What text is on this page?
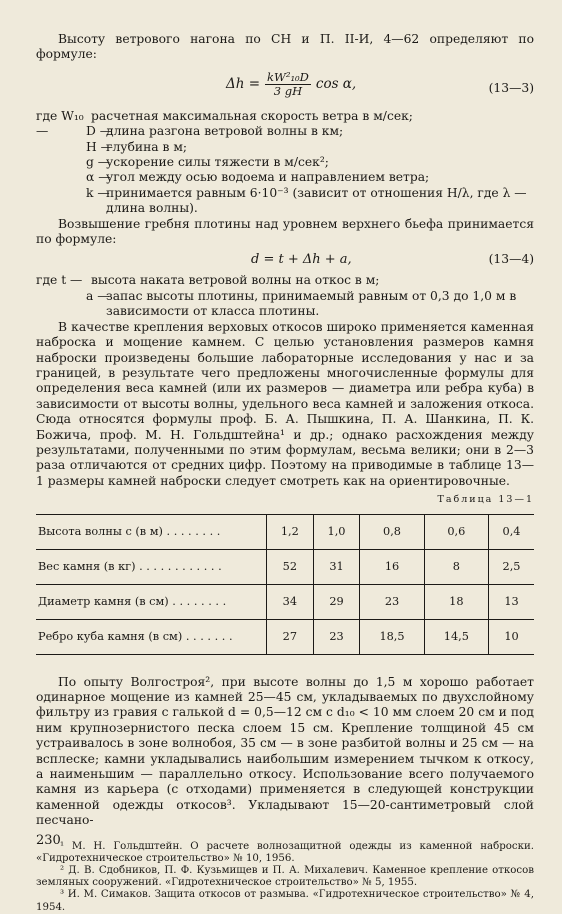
Высоту ветрового нагона по СН и П. II-И, 4—62 определяют по формуле:

$\Delta h = \frac{\text{kW²₁₀D}}{3 gH}$ cos α,	(13—3)

где W₁₀ —
расчетная максимальная скорость ветра в м/сек;

D —
длина разгона ветровой волны в км;

H —
глубина в м;

g —
ускорение силы тяжести в м/сек²;

α —
угол между осью водоема и направлением ветра;

k —
принимается равным 6·10⁻³ (зависит от отношения H/λ, где λ — длина волны).

Возвышение гребня плотины над уровнем верхнего бьефа принимается по формуле:

d = t + Δh + a,	(13—4)

где t — высота наката ветровой волны на откос в м;

a —
запас высоты плотины, принимаемый равным от 0,3 до 1,0 м в зависимости от класса плотины.

В качестве крепления верховых откосов широко применяется каменная наброска и мощение камнем. С целью установления размеров камня наброски произведены большие лабораторные исследования у нас и за границей, в результате чего предложены многочисленные формулы для определения веса камней (или их размеров — диаметра или ребра куба) в зависимости от высоты волны, удельного веса камней и заложения откоса. Сюда относятся формулы проф. Б. А. Пышкина, П. А. Шанкина, П. К. Божича, проф. М. Н. Гольдштейна¹ и др.; однако расхождения между результатами, полученными по этим формулам, весьма велики; они в 2—3 раза отличаются от средних цифр. Поэтому на приводимые в таблице 13—1 размеры камней наброски следует смотреть как на ориентировочные.

Таблица 13—1
Высота волны с (в м) . . . . . . . .	1,2	1,0	0,8	0,6	0,4
Вес камня (в кг) . . . . . . . . . . . .	52	31	16	8	2,5
Диаметр камня (в см) . . . . . . . .	34	29	23	18	13
Ребро куба камня (в см) . . . . . . .	27	23	18,5	14,5	10

По опыту Волгостроя², при высоте волны до 1,5 м хорошо работает одинарное мощение из камней 25—45 см, укладываемых по двухслойному фильтру из гравия с галькой d = 0,5—12 см с d₁₀ < 10 мм слоем 20 см и под ним крупнозернистого песка слоем 15 см. Крепление толщиной 45 см устраивалось в зоне волнобоя, 35 см — в зоне разбитой волны и 25 см — на всплеске; камни укладывались наибольшим измерением тычком к откосу, а наименьшим — параллельно откосу. Использование всего получаемого камня из карьера (с отходами) применяется в следующей конструкции каменной одежды откосов³. Укладывают 15—20-сантиметровый слой песчано-

¹ М. Н. Гольдштейн. О расчете волнозащитной одежды из каменной наброски. «Гидротехническое строительство» № 10, 1956.

² Д. В. Сдобников, П. Ф. Кузьмищев и П. А. Михалевич. Каменное крепление откосов земляных сооружений. «Гидротехническое строительство» № 5, 1955.

³ И. М. Симаков. Защита откосов от размыва. «Гидротехническое строительство» № 4, 1954.

230
